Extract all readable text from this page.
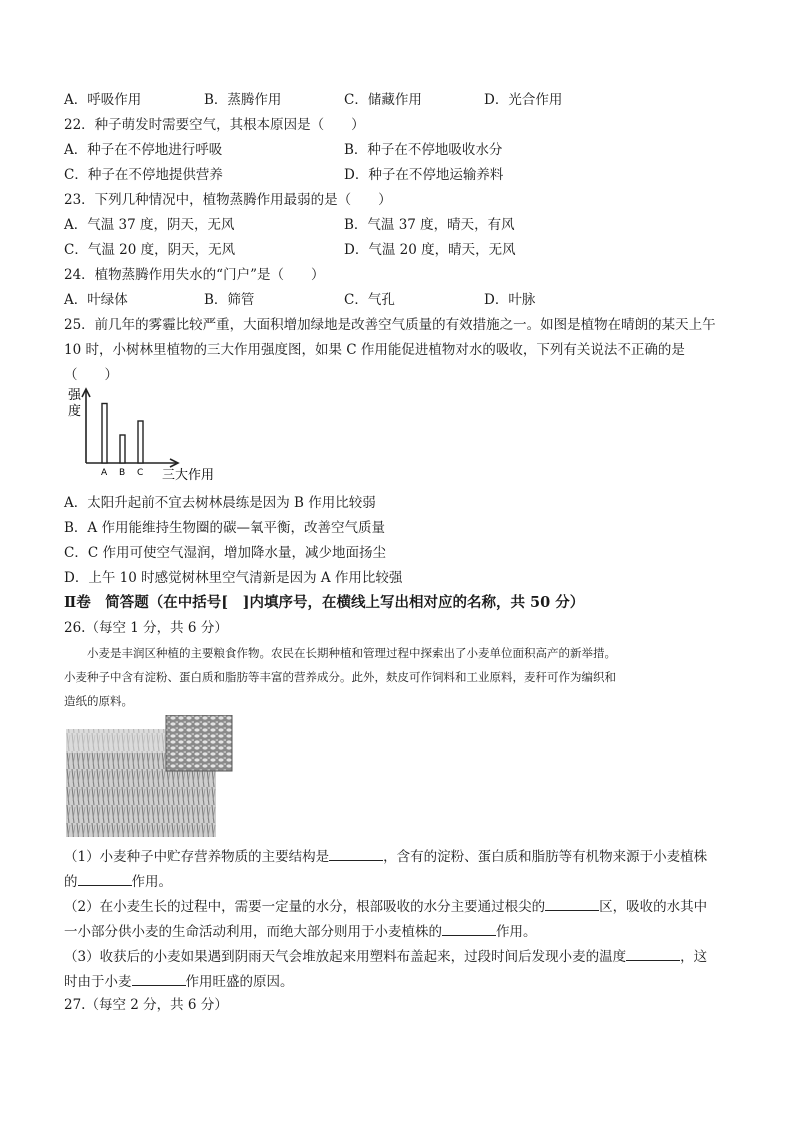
A．呼吸作用	B．蒸腾作用	C．储藏作用	D．光合作用
22．种子萌发时需要空气，其根本原因是（　　）
A．种子在不停地进行呼吸	B．种子在不停地吸收水分
C．种子在不停地提供营养	D．种子在不停地运输养料
23．下列几种情况中，植物蒸腾作用最弱的是（　　）
A．气温 37 度，阴天，无风	B．气温 37 度，晴天，有风
C．气温 20 度，阴天，无风	D．气温 20 度，晴天，无风
24．植物蒸腾作用失水的“门户”是（　　）
A．叶绿体	B．筛管	C．气孔	D．叶脉
25．前几年的雾霾比较严重，大面积增加绿地是改善空气质量的有效措施之一。如图是植物在晴朗的某天上午
10 时，小树林里植物的三大作用强度图，如果 C 作用能促进植物对水的吸收，下列有关说法不正确的是
（　　）
强
度
三大作用
A B C
A．太阳升起前不宜去树林晨练是因为 B 作用比较弱
B．A 作用能维持生物圈的碳—氧平衡，改善空气质量
C．C 作用可使空气湿润，增加降水量，减少地面扬尘
D．上午 10 时感觉树林里空气清新是因为 A 作用比较强
Ⅱ卷　简答题（在中括号[　]内填序号，在横线上写出相对应的名称，共 50 分）
26.（每空 1 分，共 6 分）
　　小麦是丰润区种植的主要粮食作物。农民在长期种植和管理过程中探索出了小麦单位面积高产的新举措。
小麦种子中含有淀粉、蛋白质和脂肪等丰富的营养成分。此外，麸皮可作饲料和工业原料，麦秆可作为编织和
造纸的原料。
（1）小麦种子中贮存营养物质的主要结构是	，含有的淀粉、蛋白质和脂肪等有机物来源于小麦植株
的	作用。
（2）在小麦生长的过程中，需要一定量的水分，根部吸收的水分主要通过根尖的	区，吸收的水其中
一小部分供小麦的生命活动利用，而绝大部分则用于小麦植株的	作用。
（3）收获后的小麦如果遇到阴雨天气会堆放起来用塑料布盖起来，过段时间后发现小麦的温度	，这
时由于小麦	作用旺盛的原因。
27.（每空 2 分，共 6 分）
